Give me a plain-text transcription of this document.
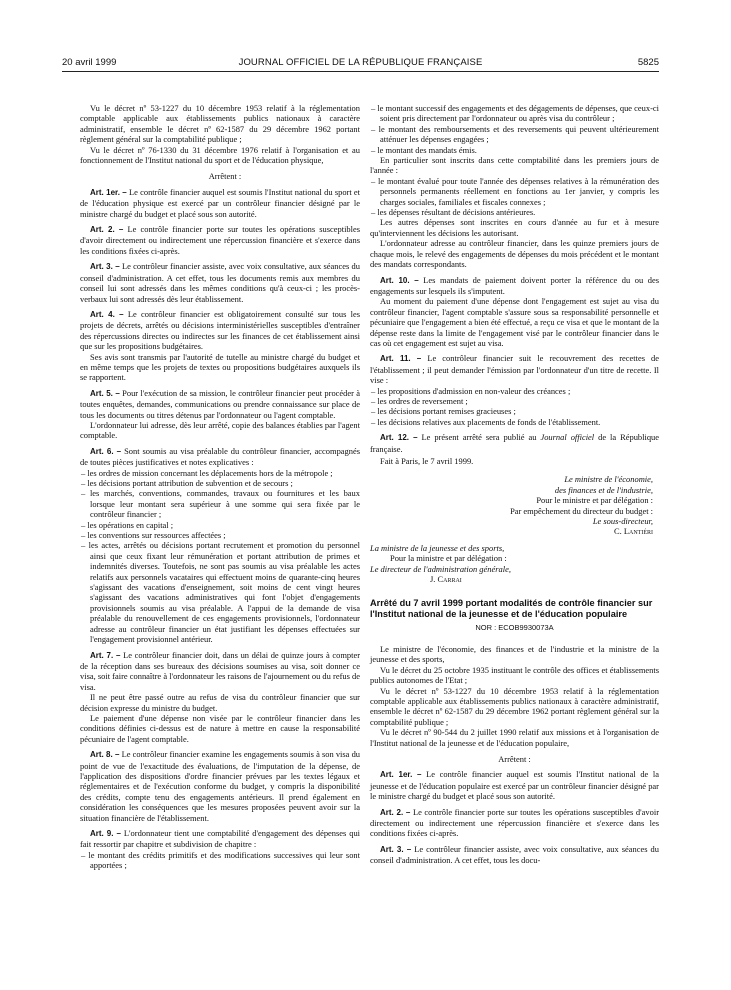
20 avril 1999	JOURNAL OFFICIEL DE LA RÉPUBLIQUE FRANÇAISE	5825
Vu le décret nº 53-1227 du 10 décembre 1953 relatif à la réglementation comptable applicable aux établissements publics nationaux à caractère administratif, ensemble le décret nº 62-1587 du 29 décembre 1962 portant règlement général sur la comptabilité publique ;
Vu le décret nº 76-1330 du 31 décembre 1976 relatif à l'organisation et au fonctionnement de l'Institut national du sport et de l'éducation physique,
Arrêtent :
Art. 1er. – Le contrôle financier auquel est soumis l'Institut national du sport et de l'éducation physique est exercé par un contrôleur financier désigné par le ministre chargé du budget et placé sous son autorité.
Art. 2. – Le contrôle financier porte sur toutes les opérations susceptibles d'avoir directement ou indirectement une répercussion financière et s'exerce dans les conditions fixées ci-après.
Art. 3. – Le contrôleur financier assiste, avec voix consultative, aux séances du conseil d'administration. A cet effet, tous les documents remis aux membres du conseil lui sont adressés dans les mêmes conditions qu'à ceux-ci ; les procès-verbaux lui sont adressés dès leur établissement.
Art. 4. – Le contrôleur financier est obligatoirement consulté sur tous les projets de décrets, arrêtés ou décisions interministérielles susceptibles d'entraîner des répercussions directes ou indirectes sur les finances de cet établissement ainsi que sur les propositions budgétaires.
Ses avis sont transmis par l'autorité de tutelle au ministre chargé du budget et en même temps que les projets de textes ou propositions budgétaires auxquels ils se rapportent.
Art. 5. – Pour l'exécution de sa mission, le contrôleur financier peut procéder à toutes enquêtes, demandes, communications ou prendre connaissance sur place de tous les documents ou titres détenus par l'ordonnateur ou l'agent comptable.
L'ordonnateur lui adresse, dès leur arrêté, copie des balances établies par l'agent comptable.
Art. 6. – Sont soumis au visa préalable du contrôleur financier, accompagnés de toutes pièces justificatives et notes explicatives :
– les ordres de mission concernant les déplacements hors de la métropole ;
– les décisions portant attribution de subvention et de secours ;
– les marchés, conventions, commandes, travaux ou fournitures et les baux lorsque leur montant sera supérieur à une somme qui sera fixée par le contrôleur financier ;
– les opérations en capital ;
– les conventions sur ressources affectées ;
– les actes, arrêtés ou décisions portant recrutement et promotion du personnel ainsi que ceux fixant leur rémunération et portant attribution de primes et indemnités diverses. Toutefois, ne sont pas soumis au visa préalable les actes relatifs aux personnels vacataires qui effectuent moins de quarante-cinq heures s'agissant des vacations d'enseignement, soit moins de cent vingt heures s'agissant des vacations administratives qui font l'objet d'engagements provisionnels soumis au visa préalable. A l'appui de la demande de visa préalable du renouvellement de ces engagements provisionnels, l'ordonnateur adresse au contrôleur financier un état justifiant les dépenses effectuées sur l'engagement provisionnel antérieur.
Art. 7. – Le contrôleur financier doit, dans un délai de quinze jours à compter de la réception dans ses bureaux des décisions soumises au visa, soit donner ce visa, soit faire connaître à l'ordonnateur les raisons de l'ajournement ou du refus de visa.
Il ne peut être passé outre au refus de visa du contrôleur financier que sur décision expresse du ministre du budget.
Le paiement d'une dépense non visée par le contrôleur financier dans les conditions définies ci-dessus est de nature à mettre en cause la responsabilité pécuniaire de l'agent comptable.
Art. 8. – Le contrôleur financier examine les engagements soumis à son visa du point de vue de l'exactitude des évaluations, de l'imputation de la dépense, de l'application des dispositions d'ordre financier prévues par les textes légaux et réglementaires et de l'exécution conforme du budget, y compris la disponibilité des crédits, compte tenu des engagements antérieurs. Il prend également en considération les conséquences que les mesures proposées peuvent avoir sur la situation financière de l'établissement.
Art. 9. – L'ordonnateur tient une comptabilité d'engagement des dépenses qui fait ressortir par chapitre et subdivision de chapitre :
– le montant des crédits primitifs et des modifications successives qui leur sont apportées ;
– le montant successif des engagements et des dégagements de dépenses, que ceux-ci soient pris directement par l'ordonnateur ou après visa du contrôleur ;
– le montant des remboursements et des reversements qui peuvent ultérieurement atténuer les dépenses engagées ;
– le montant des mandats émis.
En particulier sont inscrits dans cette comptabilité dans les premiers jours de l'année :
– le montant évalué pour toute l'année des dépenses relatives à la rémunération des personnels permanents réellement en fonctions au 1er janvier, y compris les charges sociales, familiales et fiscales connexes ;
– les dépenses résultant de décisions antérieures.
Les autres dépenses sont inscrites en cours d'année au fur et à mesure qu'interviennent les décisions les autorisant.
L'ordonnateur adresse au contrôleur financier, dans les quinze premiers jours de chaque mois, le relevé des engagements de dépenses du mois précédent et le montant des mandats correspondants.
Art. 10. – Les mandats de paiement doivent porter la référence du ou des engagements sur lesquels ils s'imputent.
Au moment du paiement d'une dépense dont l'engagement est sujet au visa du contrôleur financier, l'agent comptable s'assure sous sa responsabilité personnelle et pécuniaire que l'engagement a bien été effectué, a reçu ce visa et que le montant de la dépense reste dans la limite de l'engagement visé par le contrôleur financier dans le cas où cet engagement est sujet au visa.
Art. 11. – Le contrôleur financier suit le recouvrement des recettes de l'établissement ; il peut demander l'émission par l'ordonnateur d'un titre de recette. Il vise :
– les propositions d'admission en non-valeur des créances ;
– les ordres de reversement ;
– les décisions portant remises gracieuses ;
– les décisions relatives aux placements de fonds de l'établissement.
Art. 12. – Le présent arrêté sera publié au Journal officiel de la République française.
Fait à Paris, le 7 avril 1999.
Le ministre de l'économie,
des finances et de l'industrie,
Pour le ministre et par délégation :
Par empêchement du directeur du budget :
Le sous-directeur,
C. Lantiéri
La ministre de la jeunesse et des sports,
Pour la ministre et par délégation :
Le directeur de l'administration générale,
J. Carrai
Arrêté du 7 avril 1999 portant modalités de contrôle financier sur l'Institut national de la jeunesse et de l'éducation populaire
NOR : ECOB9930073A
Le ministre de l'économie, des finances et de l'industrie et la ministre de la jeunesse et des sports,
Vu le décret du 25 octobre 1935 instituant le contrôle des offices et établissements publics autonomes de l'Etat ;
Vu le décret nº 53-1227 du 10 décembre 1953 relatif à la réglementation comptable applicable aux établissements publics nationaux à caractère administratif, ensemble le décret nº 62-1587 du 29 décembre 1962 portant règlement général sur la comptabilité publique ;
Vu le décret nº 90-544 du 2 juillet 1990 relatif aux missions et à l'organisation de l'Institut national de la jeunesse et de l'éducation populaire,
Arrêtent :
Art. 1er. – Le contrôle financier auquel est soumis l'Institut national de la jeunesse et de l'éducation populaire est exercé par un contrôleur financier désigné par le ministre chargé du budget et placé sous son autorité.
Art. 2. – Le contrôle financier porte sur toutes les opérations susceptibles d'avoir directement ou indirectement une répercussion financière et s'exerce dans les conditions fixées ci-après.
Art. 3. – Le contrôleur financier assiste, avec voix consultative, aux séances du conseil d'administration. A cet effet, tous les docu-
